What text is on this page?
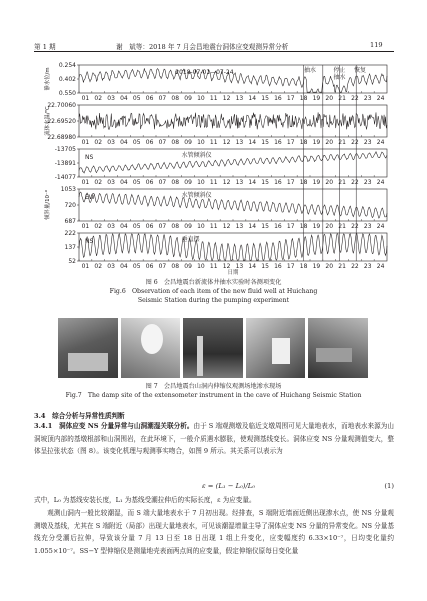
第 1 期	谢　斌等：2018 年 7 月会昌地震台洞体应变观测异常分析	119
0.254
0.402
0.550
01 02 03 04 05 06 07 08 09 10 11 12 13 14 15 16 17 18 19 20 21 22 23 24
静水位/m
22.70060
22.69520
22.68980
01 02 03 04 05 06 07 08 09 10 11 12 13 14 15 16 17 18 19 20 21 22 23 24
流体水温/℃
-13705
-13891
-14077
01 02 03 04 05 06 07 08 09 10 11 12 13 14 15 16 17 18 19 20 21 22 23 24
NS	水管倾斜仪
1053
720
687
01 02 03 04 05 06 07 08 09 10 11 12 13 14 15 16 17 18 19 20 21 22 23 24
EW	水管倾斜仪
倾斜量/10⁻⁹
222
137
52
01 02 03 04 05 06 07 08 09 10 11 12 13 14 15 16 17 18 19 20 21 22 23 24
NS	垂直摆
2018-07-01—07-24	抽水	停止
抽水
恢复
日期
图 6　会昌地震台新流体井抽水实验时各测项变化
Fig.6　Observation of each item of the new fluid well at Huichang
Seismic Station during the pumping experiment
图 7　会昌地震台山洞内伸缩仪观测场地渗水现场
Fig.7　The damp site of the extensometer instrument in the cave of Huichang Seismic Station
3.4　综合分析与异常性质判断
3.4.1  洞体应变 NS 分量异常与山洞潮湿关联分析。由于 S 端观测墩及临近支墩周围可见大量地表水，而地表水来源为山洞坡顶内部的基墩根部和山洞围岩，在此环境下，一般介质遇水膨胀，使观测基线变长。洞体应变 NS 分量观测值变大，整体呈拉张状态（图 8）。该变化机理与观测事实吻合，如图 9 所示。其关系可以表示为
ε = (L₁ − L₀)/L₀	(1)
式中，L₀ 为基线安装长度，L₁ 为基线受潮拉伸后的实际长度，ε 为应变量。
观测山洞内一般比较潮湿，而 S 端大量地表水于 7 月初出现。经排查，S 端附近墙面近侧出现渗水点，使 NS 分量观测墩及基线，尤其在 S 端附近（局部）出现大量地表水，可见该潮湿增量主导了洞体应变 NS 分量的异常变化。NS 分量基线充分受潮后拉伸，导致该分量 7 月 13 日至 18 日出现 1 组上升变化，应变幅度约 6.33×10⁻⁷，日均变化量约 1.055×10⁻⁷。SS−Y 型伸缩仪是测量地壳表面两点间的应变量，假定伸缩仪原每日变化量
